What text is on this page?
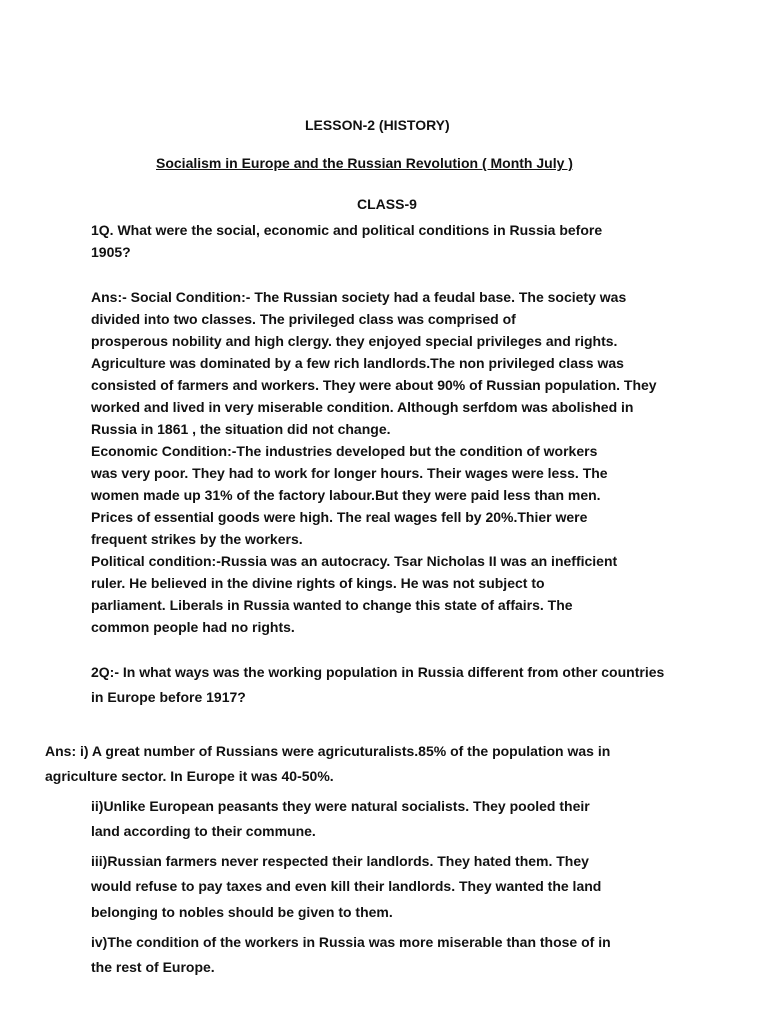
LESSON-2 (HISTORY)
Socialism in Europe and the Russian Revolution ( Month July )
CLASS-9
1Q. What were the social, economic and political conditions in Russia before
1905?
Ans:- Social Condition:- The Russian society had a feudal base. The society was
divided into two classes. The privileged class was comprised of
prosperous nobility and high clergy. they enjoyed special privileges and rights.
Agriculture was dominated by a few rich landlords.The non privileged class was
consisted of farmers and workers. They were about 90% of Russian population. They
worked and lived in very miserable condition. Although serfdom was abolished in
Russia in 1861 , the situation did not change.
Economic Condition:-The industries developed but the condition of workers
was very poor. They had to work for longer hours. Their wages were less. The
women made up 31% of the factory labour.But they were paid less than men.
Prices of essential goods were high. The real wages fell by 20%.Thier were
frequent strikes by the workers.
Political condition:-Russia was an autocracy. Tsar Nicholas II was an inefficient
ruler. He believed in the divine rights of kings. He was not subject to
parliament. Liberals in Russia wanted to change this state of affairs. The
common people had no rights.
2Q:- In what ways was the working population in Russia different from other countries
in Europe before 1917?
Ans: i) A great number of Russians were agricuturalists.85% of the population was in
agriculture sector. In Europe it was 40-50%.
ii)Unlike European peasants they were natural socialists. They pooled their
land according to their commune.
iii)Russian farmers never respected their landlords. They hated them. They
would refuse to pay taxes and even kill their landlords. They wanted the land
belonging to nobles should be given to them.
iv)The condition of the workers in Russia was more miserable than those of in
the rest of Europe.
